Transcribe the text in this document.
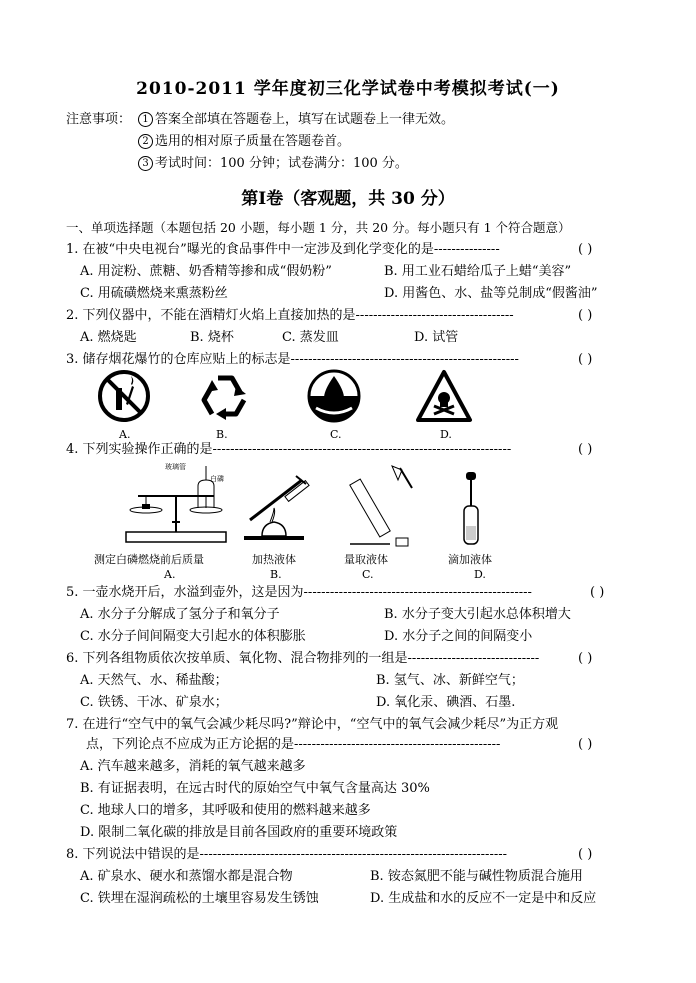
2010-2011 学年度初三化学试卷中考模拟考试(一)
注意事项：	1 答案全部填在答题卷上，填写在试题卷上一律无效。
2 选用的相对原子质量在答题卷首。
3 考试时间：100 分钟；试卷满分：100 分。
第Ⅰ卷（客观题，共 30 分）
一、单项选择题（本题包括 20 小题，每小题 1 分，共 20 分。每小题只有 1 个符合题意）
1. 在被“中央电视台”曝光的食品事件中一定涉及到化学变化的是---------------	( )
A. 用淀粉、蔗糖、奶香精等掺和成“假奶粉”	B. 用工业石蜡给瓜子上蜡“美容”
C. 用硫磺燃烧来熏蒸粉丝	D. 用酱色、水、盐等兑制成“假酱油”
2. 下列仪器中，不能在酒精灯火焰上直接加热的是------------------------------------	( )
A. 燃烧匙	B. 烧杯	C. 蒸发皿	D. 试管
3. 储存烟花爆竹的仓库应贴上的标志是----------------------------------------------------	( )
A.	B.	C.	D.
4. 下列实验操作正确的是--------------------------------------------------------------------	( )
玻璃管
白磷
测定白磷燃烧前后质量	加热液体	量取液体	滴加液体
A.	B.	C.	D.
5. 一壶水烧开后，水溢到壶外，这是因为----------------------------------------------------	( )
A. 水分子分解成了氢分子和氧分子	B. 水分子变大引起水总体积增大
C. 水分子间间隔变大引起水的体积膨胀	D. 水分子之间的间隔变小
6. 下列各组物质依次按单质、氧化物、混合物排列的一组是------------------------------	( )
A. 天然气、水、稀盐酸；	B. 氢气、冰、新鲜空气；
C. 铁锈、干冰、矿泉水；	D. 氧化汞、碘酒、石墨.
7. 在进行“空气中的氧气会减少耗尽吗?”辩论中，“空气中的氧气会减少耗尽”为正方观
点，下列论点不应成为正方论据的是-----------------------------------------------	( )
A. 汽车越来越多，消耗的氧气越来越多
B. 有证据表明，在远古时代的原始空气中氧气含量高达 30%
C. 地球人口的增多，其呼吸和使用的燃料越来越多
D. 限制二氧化碳的排放是目前各国政府的重要环境政策
8. 下列说法中错误的是----------------------------------------------------------------------	( )
A. 矿泉水、硬水和蒸馏水都是混合物	B. 铵态氮肥不能与碱性物质混合施用
C. 铁埋在湿润疏松的土壤里容易发生锈蚀	D. 生成盐和水的反应不一定是中和反应
